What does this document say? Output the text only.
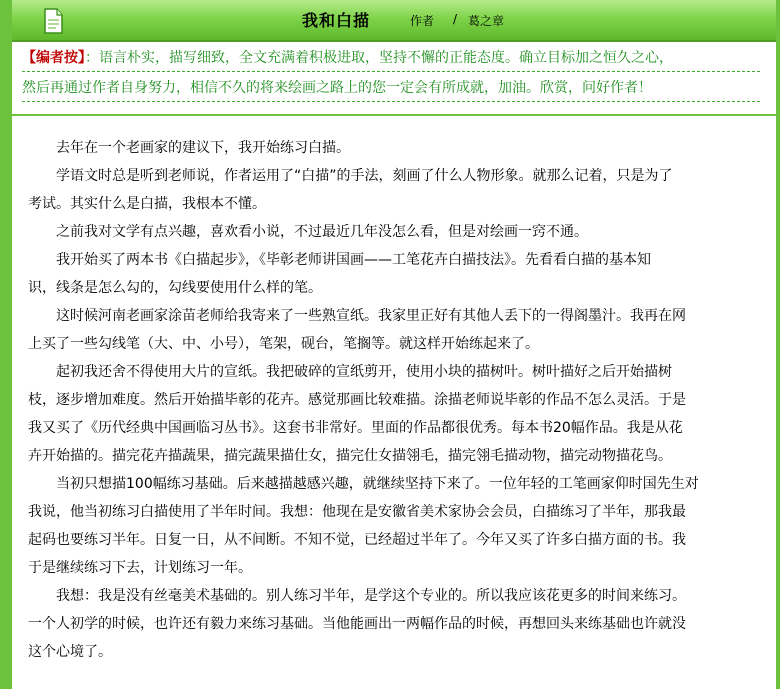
我和白描	作者 / 葛之章
【编者按】：语言朴实，描写细致，全文充满着积极进取，坚持不懈的正能态度。确立目标加之恒久之心，
然后再通过作者自身努力，相信不久的将来绘画之路上的您一定会有所成就，加油。欣赏，问好作者！
　　去年在一个老画家的建议下，我开始练习白描。
　　学语文时总是听到老师说，作者运用了“白描”的手法，刻画了什么人物形象。就那么记着，只是为了
考试。其实什么是白描，我根本不懂。
　　之前我对文学有点兴趣，喜欢看小说，不过最近几年没怎么看，但是对绘画一窍不通。
　　我开始买了两本书《白描起步》，《毕彰老师讲国画——工笔花卉白描技法》。先看看白描的基本知
识，线条是怎么勾的，勾线要使用什么样的笔。
　　这时候河南老画家涂苗老师给我寄来了一些熟宣纸。我家里正好有其他人丢下的一得阁墨汁。我再在网
上买了一些勾线笔（大、中、小号），笔架，砚台，笔搁等。就这样开始练起来了。
　　起初我还舍不得使用大片的宣纸。我把破碎的宣纸剪开，使用小块的描树叶。树叶描好之后开始描树
枝，逐步增加难度。然后开始描毕彰的花卉。感觉那画比较难描。涂描老师说毕彰的作品不怎么灵活。于是
我又买了《历代经典中国画临习丛书》。这套书非常好。里面的作品都很优秀。每本书20幅作品。我是从花
卉开始描的。描完花卉描蔬果，描完蔬果描仕女，描完仕女描翎毛，描完翎毛描动物，描完动物描花鸟。
　　当初只想描100幅练习基础。后来越描越感兴趣，就继续坚持下来了。一位年轻的工笔画家仰时国先生对
我说，他当初练习白描使用了半年时间。我想：他现在是安徽省美术家协会会员，白描练习了半年，那我最
起码也要练习半年。日复一日，从不间断。不知不觉，已经超过半年了。今年又买了许多白描方面的书。我
于是继续练习下去，计划练习一年。
　　我想：我是没有丝毫美术基础的。别人练习半年，是学这个专业的。所以我应该花更多的时间来练习。
一个人初学的时候，也许还有毅力来练习基础。当他能画出一两幅作品的时候，再想回头来练基础也许就没
这个心境了。
